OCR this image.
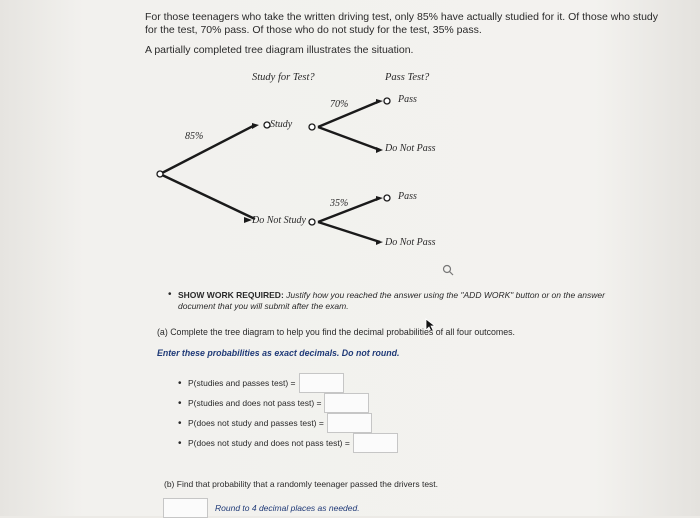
For those teenagers who take the written driving test, only 85% have actually studied for it. Of those who study for the test, 70% pass. Of those who do not study for the test, 35% pass.
A partially completed tree diagram illustrates the situation.
Study for Test?	Pass Test?
85%
Study
Do Not Study
70%	Pass
Do Not Pass
35%
Pass
Do Not Pass
• SHOW WORK REQUIRED: Justify how you reached the answer using the "ADD WORK" button or on the answer document that you will submit after the exam.
(a) Complete the tree diagram to help you find the decimal probabilities of all four outcomes.
Enter these probabilities as exact decimals. Do not round.
• P(studies and passes test) =
• P(studies and does not pass test) =
• P(does not study and passes test) =
• P(does not study and does not pass test) =
(b) Find that probability that a randomly teenager passed the drivers test.
Round to 4 decimal places as needed.
